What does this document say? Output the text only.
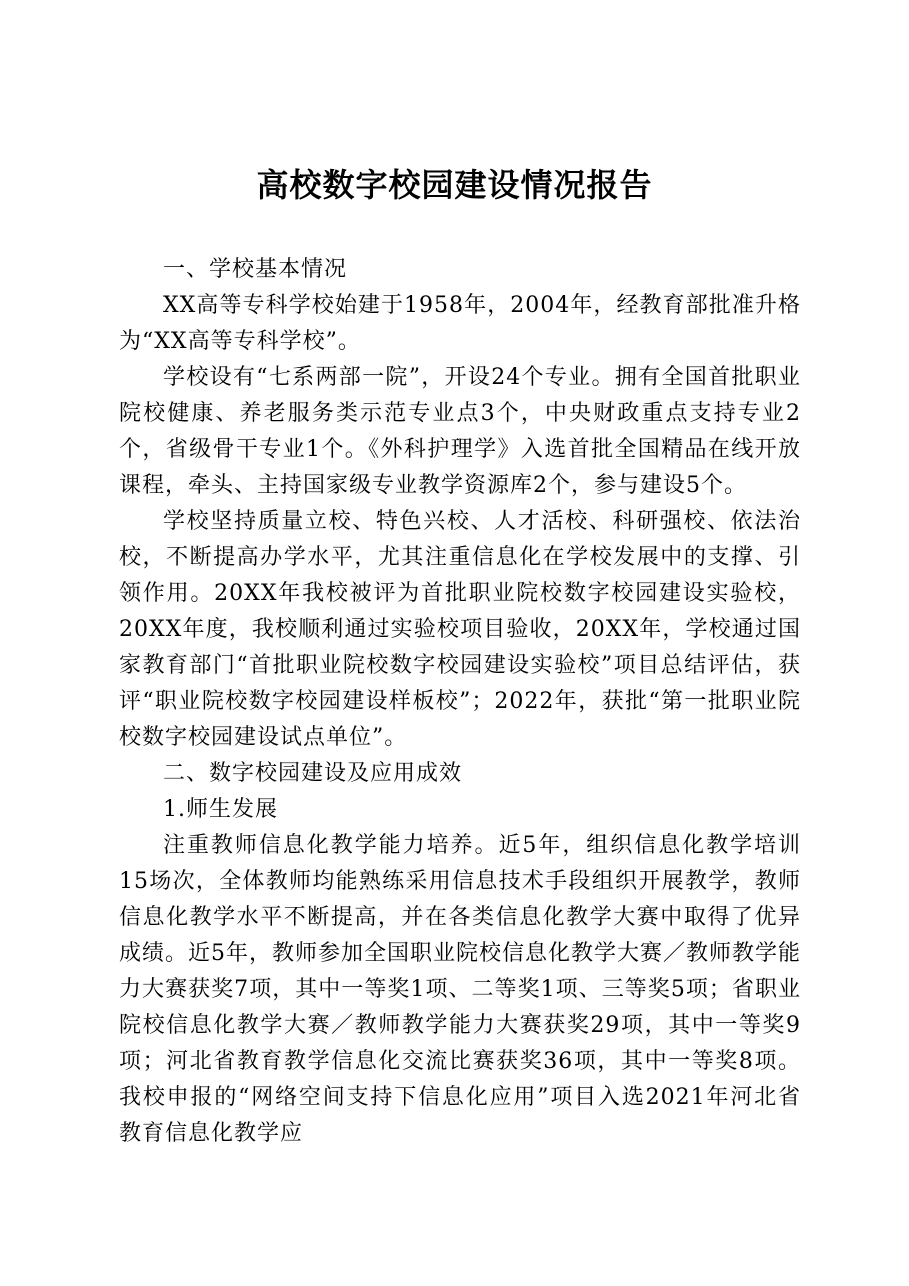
高校数字校园建设情况报告

一、学校基本情况

XX高等专科学校始建于1958年，2004年，经教育部批准升格为“XX高等专科学校”。

学校设有“七系两部一院”，开设24个专业。拥有全国首批职业院校健康、养老服务类示范专业点3个，中央财政重点支持专业2个，省级骨干专业1个。《外科护理学》入选首批全国精品在线开放课程，牵头、主持国家级专业教学资源库2个，参与建设5个。

学校坚持质量立校、特色兴校、人才活校、科研强校、依法治校，不断提高办学水平，尤其注重信息化在学校发展中的支撑、引领作用。20XX年我校被评为首批职业院校数字校园建设实验校，20XX年度，我校顺利通过实验校项目验收，20XX年，学校通过国家教育部门“首批职业院校数字校园建设实验校”项目总结评估，获评“职业院校数字校园建设样板校”；2022年，获批“第一批职业院校数字校园建设试点单位”。

二、数字校园建设及应用成效

1.师生发展

注重教师信息化教学能力培养。近5年，组织信息化教学培训15场次，全体教师均能熟练采用信息技术手段组织开展教学，教师信息化教学水平不断提高，并在各类信息化教学大赛中取得了优异成绩。近5年，教师参加全国职业院校信息化教学大赛／教师教学能力大赛获奖7项，其中一等奖1项、二等奖1项、三等奖5项；省职业院校信息化教学大赛／教师教学能力大赛获奖29项，其中一等奖9项；河北省教育教学信息化交流比赛获奖36项，其中一等奖8项。我校申报的“网络空间支持下信息化应用”项目入选2021年河北省教育信息化教学应
